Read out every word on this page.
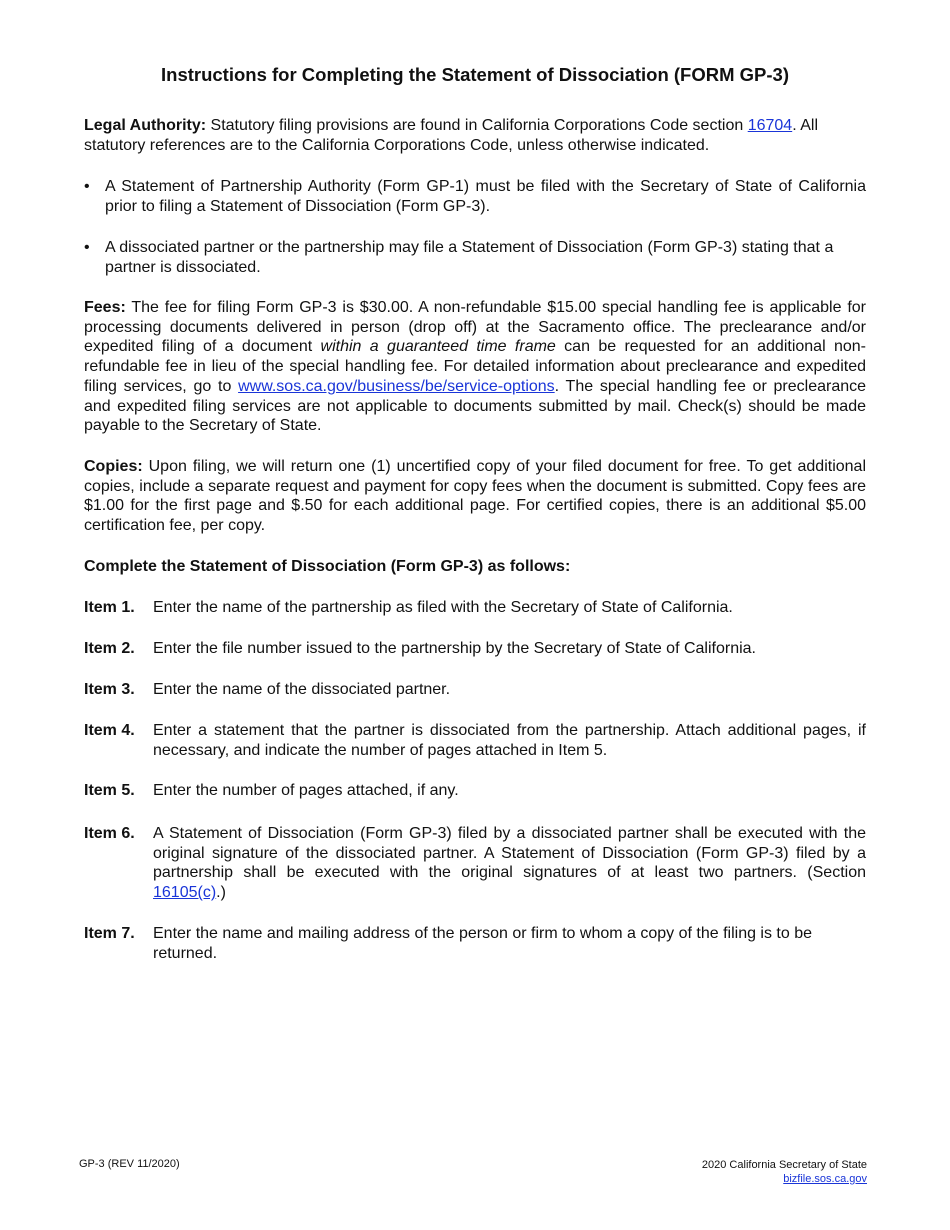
Instructions for Completing the Statement of Dissociation (FORM GP-3)

Legal Authority: Statutory filing provisions are found in California Corporations Code section 16704. All statutory references are to the California Corporations Code, unless otherwise indicated.

• A Statement of Partnership Authority (Form GP-1) must be filed with the Secretary of State of California prior to filing a Statement of Dissociation (Form GP-3).

• A dissociated partner or the partnership may file a Statement of Dissociation (Form GP-3) stating that a partner is dissociated.

Fees: The fee for filing Form GP-3 is $30.00. A non-refundable $15.00 special handling fee is applicable for processing documents delivered in person (drop off) at the Sacramento office. The preclearance and/or expedited filing of a document within a guaranteed time frame can be requested for an additional non-refundable fee in lieu of the special handling fee. For detailed information about preclearance and expedited filing services, go to www.sos.ca.gov/business/be/service-options. The special handling fee or preclearance and expedited filing services are not applicable to documents submitted by mail. Check(s) should be made payable to the Secretary of State.

Copies: Upon filing, we will return one (1) uncertified copy of your filed document for free. To get additional copies, include a separate request and payment for copy fees when the document is submitted. Copy fees are $1.00 for the first page and $.50 for each additional page. For certified copies, there is an additional $5.00 certification fee, per copy.

Complete the Statement of Dissociation (Form GP-3) as follows:

Item 1.	Enter the name of the partnership as filed with the Secretary of State of California.

Item 2.	Enter the file number issued to the partnership by the Secretary of State of California.

Item 3.	Enter the name of the dissociated partner.

Item 4.	Enter a statement that the partner is dissociated from the partnership. Attach additional pages, if necessary, and indicate the number of pages attached in Item 5.

Item 5.	Enter the number of pages attached, if any.

Item 6.	A Statement of Dissociation (Form GP-3) filed by a dissociated partner shall be executed with the original signature of the dissociated partner. A Statement of Dissociation (Form GP-3) filed by a partnership shall be executed with the original signatures of at least two partners. (Section 16105(c).)

Item 7.	Enter the name and mailing address of the person or firm to whom a copy of the filing is to be returned.

GP-3 (REV 11/2020)	2020 California Secretary of State
bizfile.sos.ca.gov
